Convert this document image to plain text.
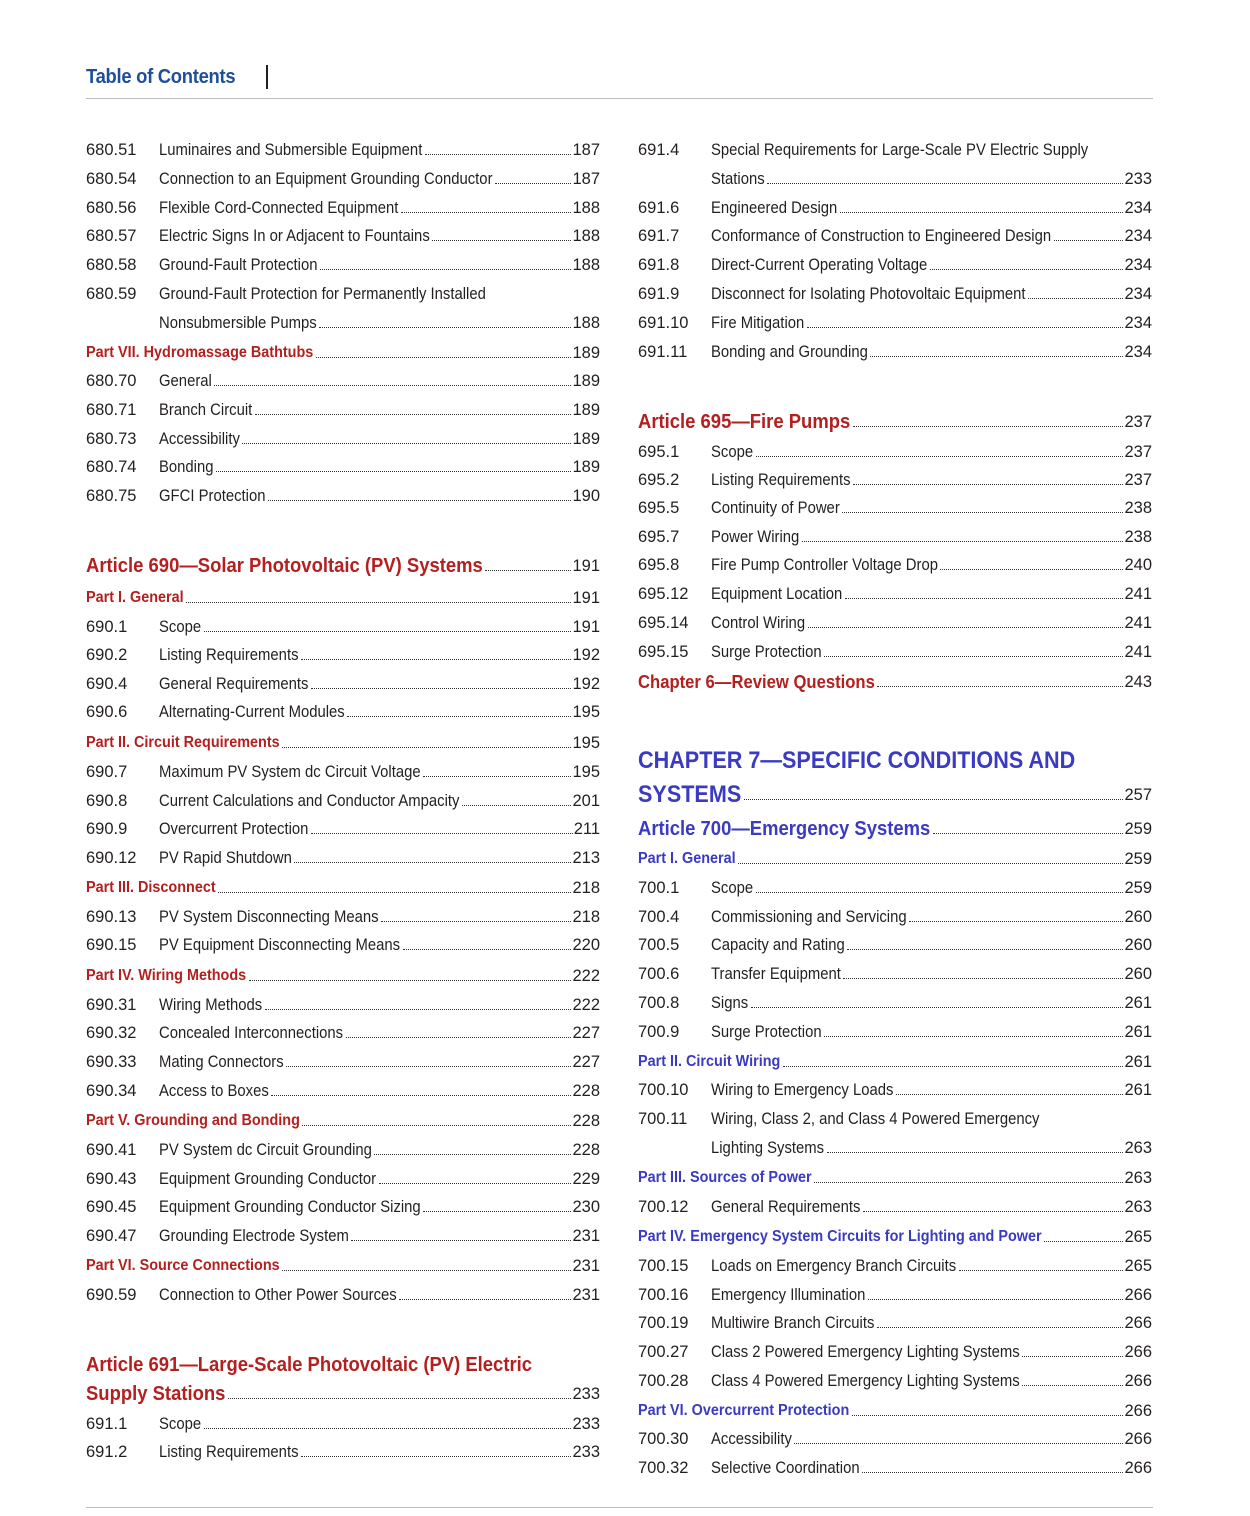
Table of Contents
680.51	Luminaires and Submersible Equipment	187
680.54	Connection to an Equipment Grounding Conductor	187
680.56	Flexible Cord-Connected Equipment	188
680.57	Electric Signs In or Adjacent to Fountains	188
680.58	Ground-Fault Protection	188
680.59	Ground-Fault Protection for Permanently Installed
Nonsubmersible Pumps	188
Part VII. Hydromassage Bathtubs	189
680.70	General	189
680.71	Branch Circuit	189
680.73	Accessibility	189
680.74	Bonding	189
680.75	GFCI Protection	190
Article 690—Solar Photovoltaic (PV) Systems	191
Part I. General	191
690.1	Scope	191
690.2	Listing Requirements	192
690.4	General Requirements	192
690.6	Alternating-Current Modules	195
Part II. Circuit Requirements	195
690.7	Maximum PV System dc Circuit Voltage	195
690.8	Current Calculations and Conductor Ampacity	201
690.9	Overcurrent Protection	211
690.12	PV Rapid Shutdown	213
Part III. Disconnect	218
690.13	PV System Disconnecting Means	218
690.15	PV Equipment Disconnecting Means	220
Part IV. Wiring Methods	222
690.31	Wiring Methods	222
690.32	Concealed Interconnections	227
690.33	Mating Connectors	227
690.34	Access to Boxes	228
Part V. Grounding and Bonding	228
690.41	PV System dc Circuit Grounding	228
690.43	Equipment Grounding Conductor	229
690.45	Equipment Grounding Conductor Sizing	230
690.47	Grounding Electrode System	231
Part VI. Source Connections	231
690.59	Connection to Other Power Sources	231
Article 691—Large-Scale Photovoltaic (PV) Electric
Supply Stations	233
691.1	Scope	233
691.2	Listing Requirements	233
691.4	Special Requirements for Large-Scale PV Electric Supply
Stations	233
691.6	Engineered Design	234
691.7	Conformance of Construction to Engineered Design	234
691.8	Direct-Current Operating Voltage	234
691.9	Disconnect for Isolating Photovoltaic Equipment	234
691.10	Fire Mitigation	234
691.11	Bonding and Grounding	234
Article 695—Fire Pumps	237
695.1	Scope	237
695.2	Listing Requirements	237
695.5	Continuity of Power	238
695.7	Power Wiring	238
695.8	Fire Pump Controller Voltage Drop	240
695.12	Equipment Location	241
695.14	Control Wiring	241
695.15	Surge Protection	241
Chapter 6—Review Questions	243
CHAPTER 7—SPECIFIC CONDITIONS AND
SYSTEMS	257
Article 700—Emergency Systems	259
Part I. General	259
700.1	Scope	259
700.4	Commissioning and Servicing	260
700.5	Capacity and Rating	260
700.6	Transfer Equipment	260
700.8	Signs	261
700.9	Surge Protection	261
Part II. Circuit Wiring	261
700.10	Wiring to Emergency Loads	261
700.11	Wiring, Class 2, and Class 4 Powered Emergency
Lighting Systems	263
Part III. Sources of Power	263
700.12	General Requirements	263
Part IV. Emergency System Circuits for Lighting and Power	265
700.15	Loads on Emergency Branch Circuits	265
700.16	Emergency Illumination	266
700.19	Multiwire Branch Circuits	266
700.27	Class 2 Powered Emergency Lighting Systems	266
700.28	Class 4 Powered Emergency Lighting Systems	266
Part VI. Overcurrent Protection	266
700.30	Accessibility	266
700.32	Selective Coordination	266
